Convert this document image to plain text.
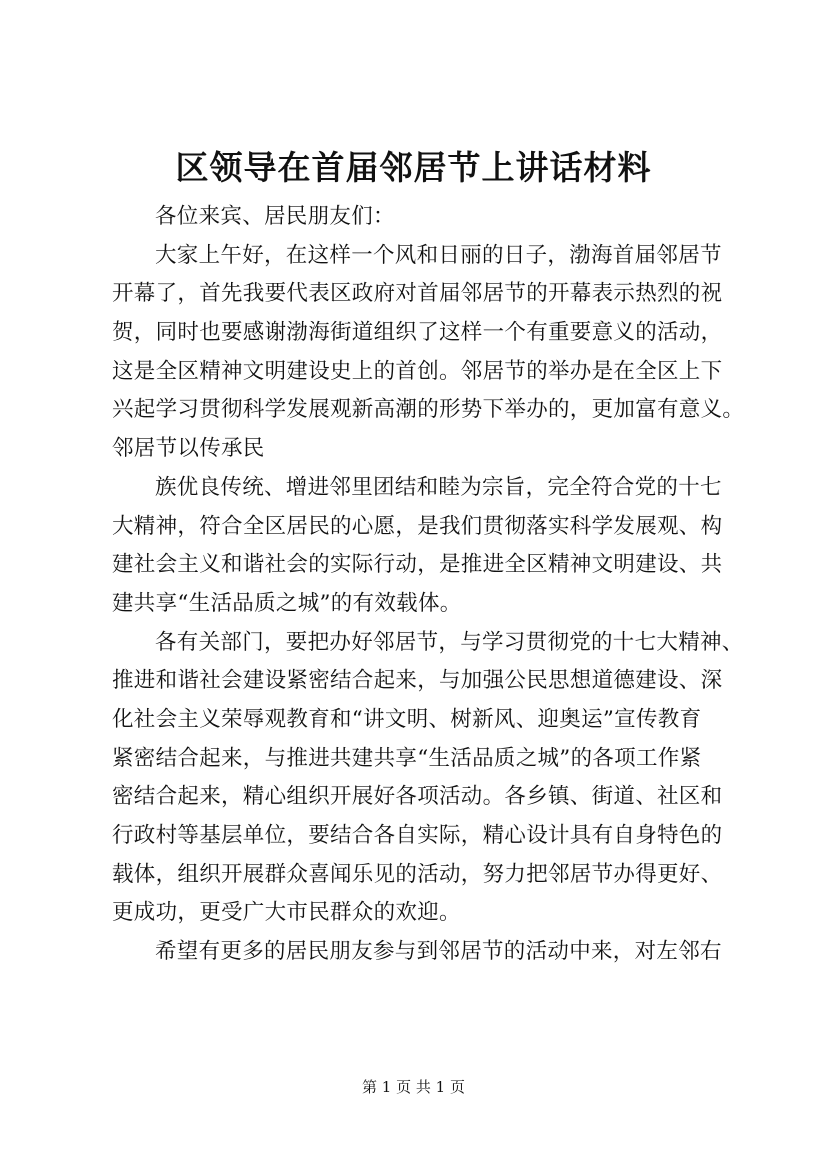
区领导在首届邻居节上讲话材料
各位来宾、居民朋友们：
大家上午好，在这样一个风和日丽的日子，渤海首届邻居节
开幕了，首先我要代表区政府对首届邻居节的开幕表示热烈的祝
贺，同时也要感谢渤海街道组织了这样一个有重要意义的活动，
这是全区精神文明建设史上的首创。邻居节的举办是在全区上下
兴起学习贯彻科学发展观新高潮的形势下举办的，更加富有意义。
邻居节以传承民
族优良传统、增进邻里团结和睦为宗旨，完全符合党的十七
大精神，符合全区居民的心愿，是我们贯彻落实科学发展观、构
建社会主义和谐社会的实际行动，是推进全区精神文明建设、共
建共享“生活品质之城”的有效载体。
各有关部门，要把办好邻居节，与学习贯彻党的十七大精神、
推进和谐社会建设紧密结合起来，与加强公民思想道德建设、深
化社会主义荣辱观教育和“讲文明、树新风、迎奥运”宣传教育
紧密结合起来，与推进共建共享“生活品质之城”的各项工作紧
密结合起来，精心组织开展好各项活动。各乡镇、街道、社区和
行政村等基层单位，要结合各自实际，精心设计具有自身特色的
载体，组织开展群众喜闻乐见的活动，努力把邻居节办得更好、
更成功，更受广大市民群众的欢迎。
希望有更多的居民朋友参与到邻居节的活动中来，对左邻右
第 1 页 共 1 页
